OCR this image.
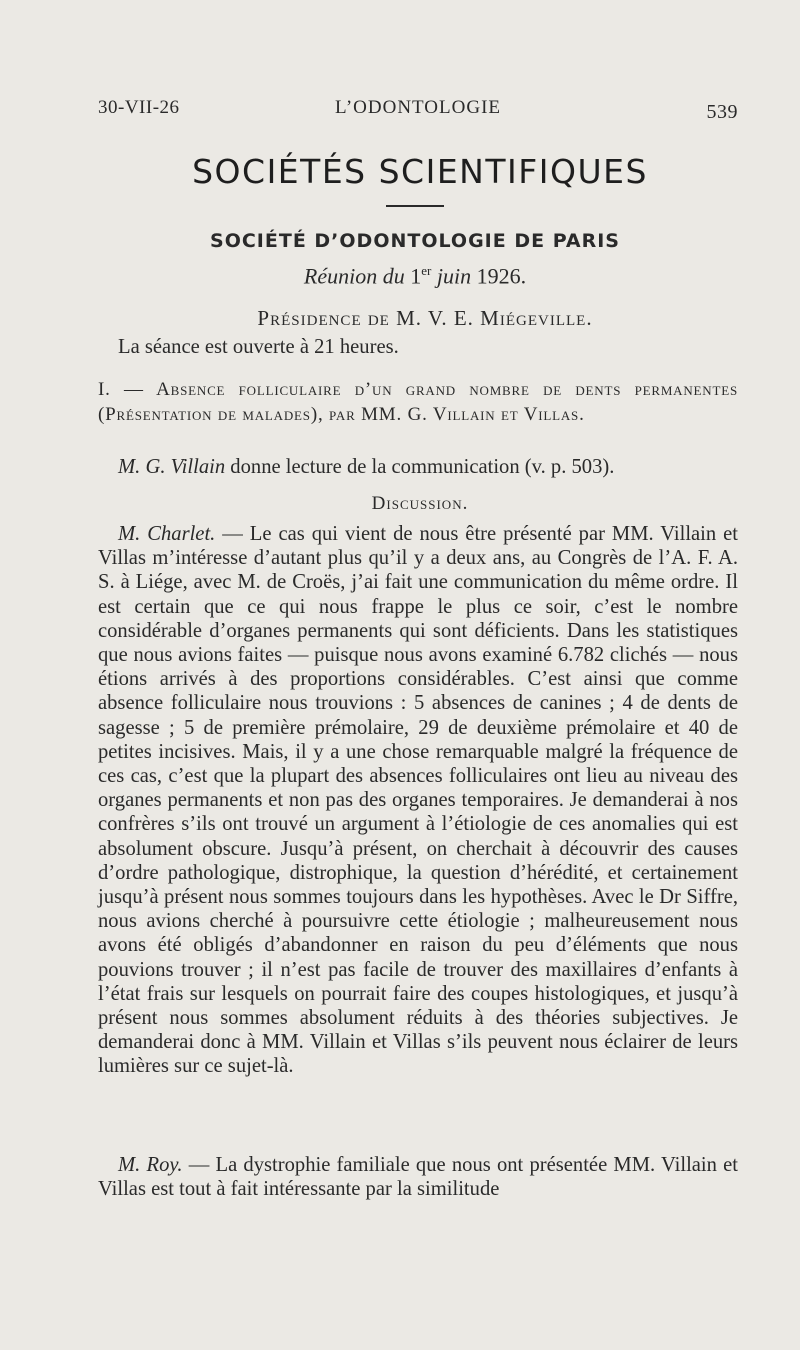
30-VII-26	L’ODONTOLOGIE	539
SOCIÉTÉS SCIENTIFIQUES
SOCIÉTÉ D’ODONTOLOGIE DE PARIS
Réunion du 1er juin 1926.
Présidence de M. V. E. Miégeville.
La séance est ouverte à 21 heures.
I. — Absence folliculaire d’un grand nombre de dents permanentes (Présentation de malades), par MM. G. Villain et Villas.
M. G. Villain donne lecture de la communication (v. p. 503).
Discussion.
M. Charlet. — Le cas qui vient de nous être présenté par MM. Villain et Villas m’intéresse d’autant plus qu’il y a deux ans, au Congrès de l’A. F. A. S. à Liége, avec M. de Croës, j’ai fait une communication du même ordre. Il est certain que ce qui nous frappe le plus ce soir, c’est le nombre considérable d’organes permanents qui sont déficients. Dans les statistiques que nous avions faites — puisque nous avons examiné 6.782 clichés — nous étions arrivés à des proportions considérables. C’est ainsi que comme absence folliculaire nous trouvions : 5 absences de canines ; 4 de dents de sagesse ; 5 de première prémolaire, 29 de deuxième prémolaire et 40 de petites incisives. Mais, il y a une chose remarquable malgré la fréquence de ces cas, c’est que la plupart des absences folliculaires ont lieu au niveau des organes permanents et non pas des organes temporaires. Je demanderai à nos confrères s’ils ont trouvé un argument à l’étiologie de ces anomalies qui est absolument obscure. Jusqu’à présent, on cherchait à découvrir des causes d’ordre pathologique, distrophique, la question d’hérédité, et certainement jusqu’à présent nous sommes toujours dans les hypothèses. Avec le Dr Siffre, nous avions cherché à poursuivre cette étiologie ; malheureusement nous avons été obligés d’abandonner en raison du peu d’éléments que nous pouvions trouver ; il n’est pas facile de trouver des maxillaires d’enfants à l’état frais sur lesquels on pourrait faire des coupes histologiques, et jusqu’à présent nous sommes absolument réduits à des théories subjectives. Je demanderai donc à MM. Villain et Villas s’ils peuvent nous éclairer de leurs lumières sur ce sujet-là.
M. Roy. — La dystrophie familiale que nous ont présentée MM. Villain et Villas est tout à fait intéressante par la similitude
